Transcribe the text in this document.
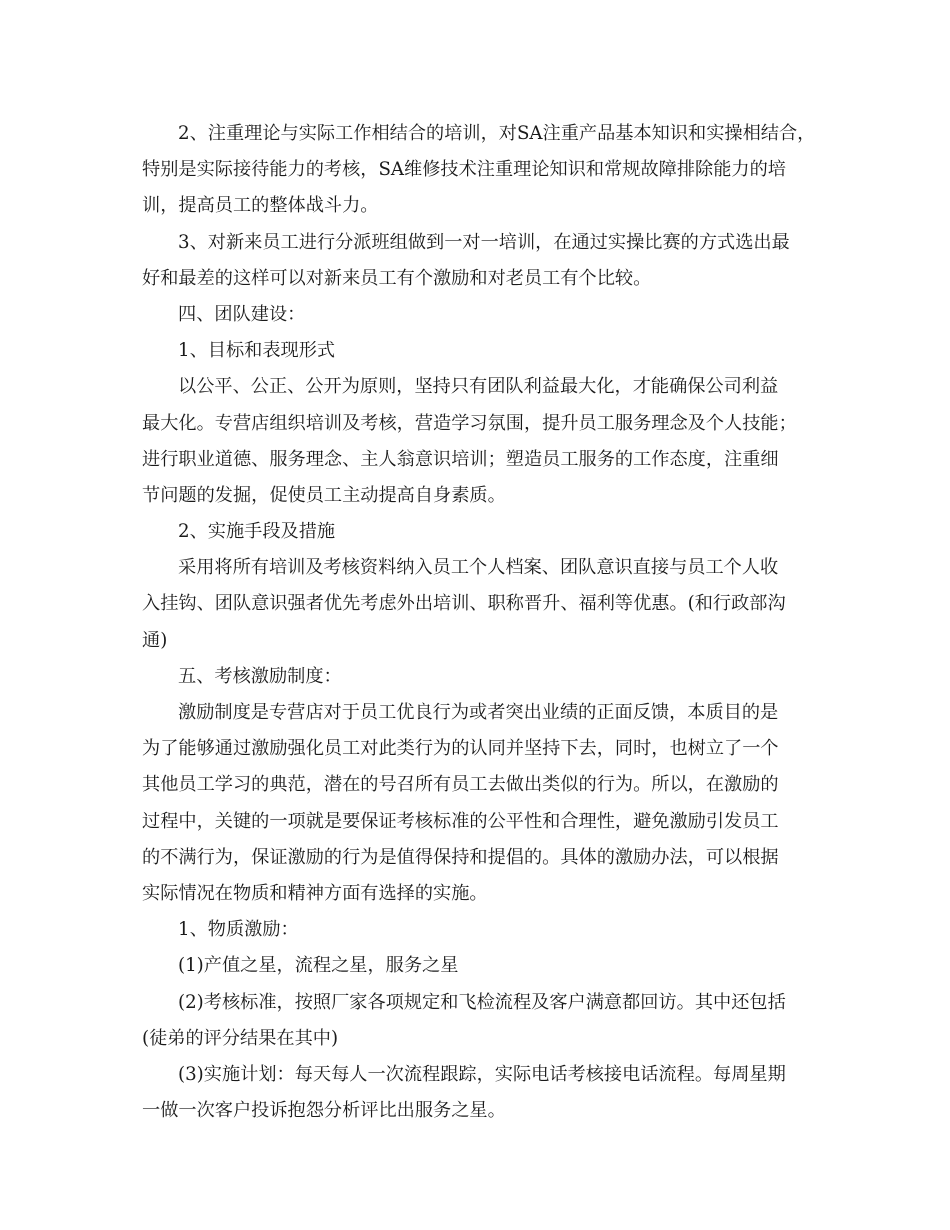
2、注重理论与实际工作相结合的培训，对SA注重产品基本知识和实操相结合，
特别是实际接待能力的考核，SA维修技术注重理论知识和常规故障排除能力的培
训，提高员工的整体战斗力。
3、对新来员工进行分派班组做到一对一培训，在通过实操比赛的方式选出最
好和最差的这样可以对新来员工有个激励和对老员工有个比较。
四、团队建设：
1、目标和表现形式
以公平、公正、公开为原则，坚持只有团队利益最大化，才能确保公司利益
最大化。专营店组织培训及考核，营造学习氛围，提升员工服务理念及个人技能；
进行职业道德、服务理念、主人翁意识培训；塑造员工服务的工作态度，注重细
节问题的发掘，促使员工主动提高自身素质。
2、实施手段及措施
采用将所有培训及考核资料纳入员工个人档案、团队意识直接与员工个人收
入挂钩、团队意识强者优先考虑外出培训、职称晋升、福利等优惠。(和行政部沟
通)
五、考核激励制度：
激励制度是专营店对于员工优良行为或者突出业绩的正面反馈，本质目的是
为了能够通过激励强化员工对此类行为的认同并坚持下去，同时，也树立了一个
其他员工学习的典范，潜在的号召所有员工去做出类似的行为。所以，在激励的
过程中，关键的一项就是要保证考核标准的公平性和合理性，避免激励引发员工
的不满行为，保证激励的行为是值得保持和提倡的。具体的激励办法，可以根据
实际情况在物质和精神方面有选择的实施。
1、物质激励：
(1)产值之星，流程之星，服务之星
(2)考核标准，按照厂家各项规定和飞检流程及客户满意都回访。其中还包括
(徒弟的评分结果在其中)
(3)实施计划：每天每人一次流程跟踪，实际电话考核接电话流程。每周星期
一做一次客户投诉抱怨分析评比出服务之星。
